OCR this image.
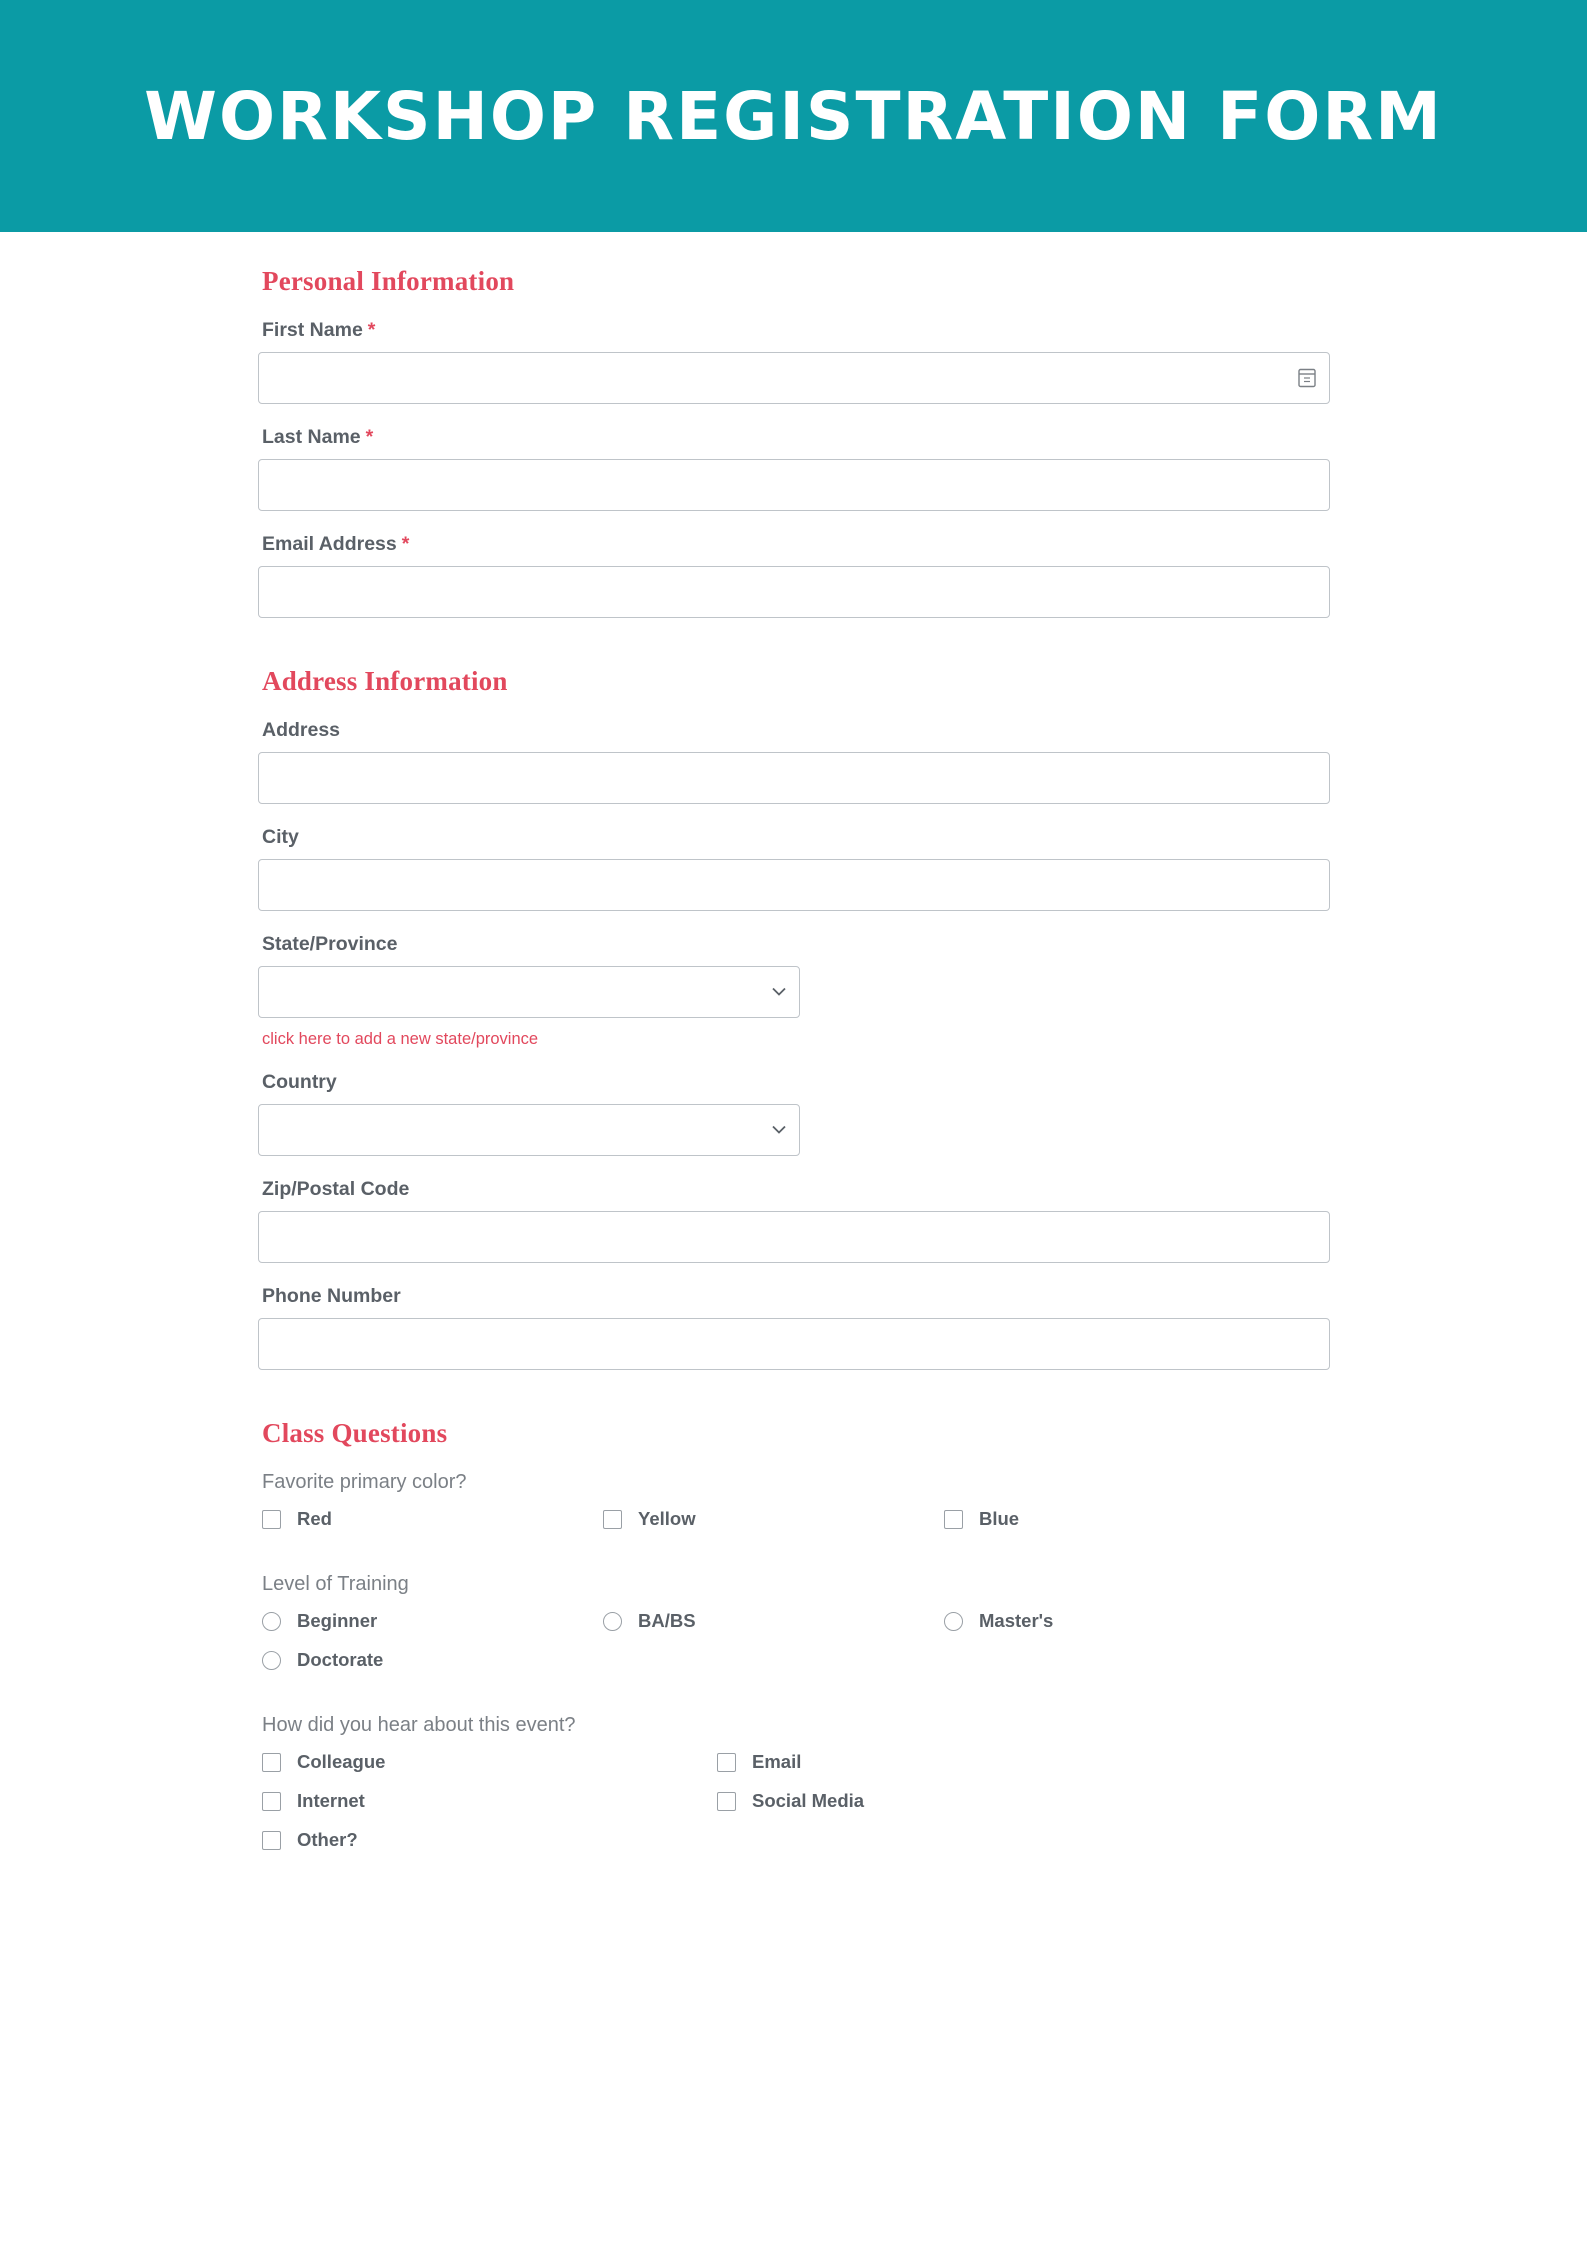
WORKSHOP REGISTRATION FORM
Personal Information
First Name *
Last Name *
Email Address *
Address Information
Address
City
State/Province
click here to add a new state/province
Country
Zip/Postal Code
Phone Number
Class Questions
Favorite primary color?
Red	Yellow	Blue
Level of Training
Beginner	BA/BS	Master's
Doctorate
How did you hear about this event?
Colleague	Email
Internet	Social Media
Other?
